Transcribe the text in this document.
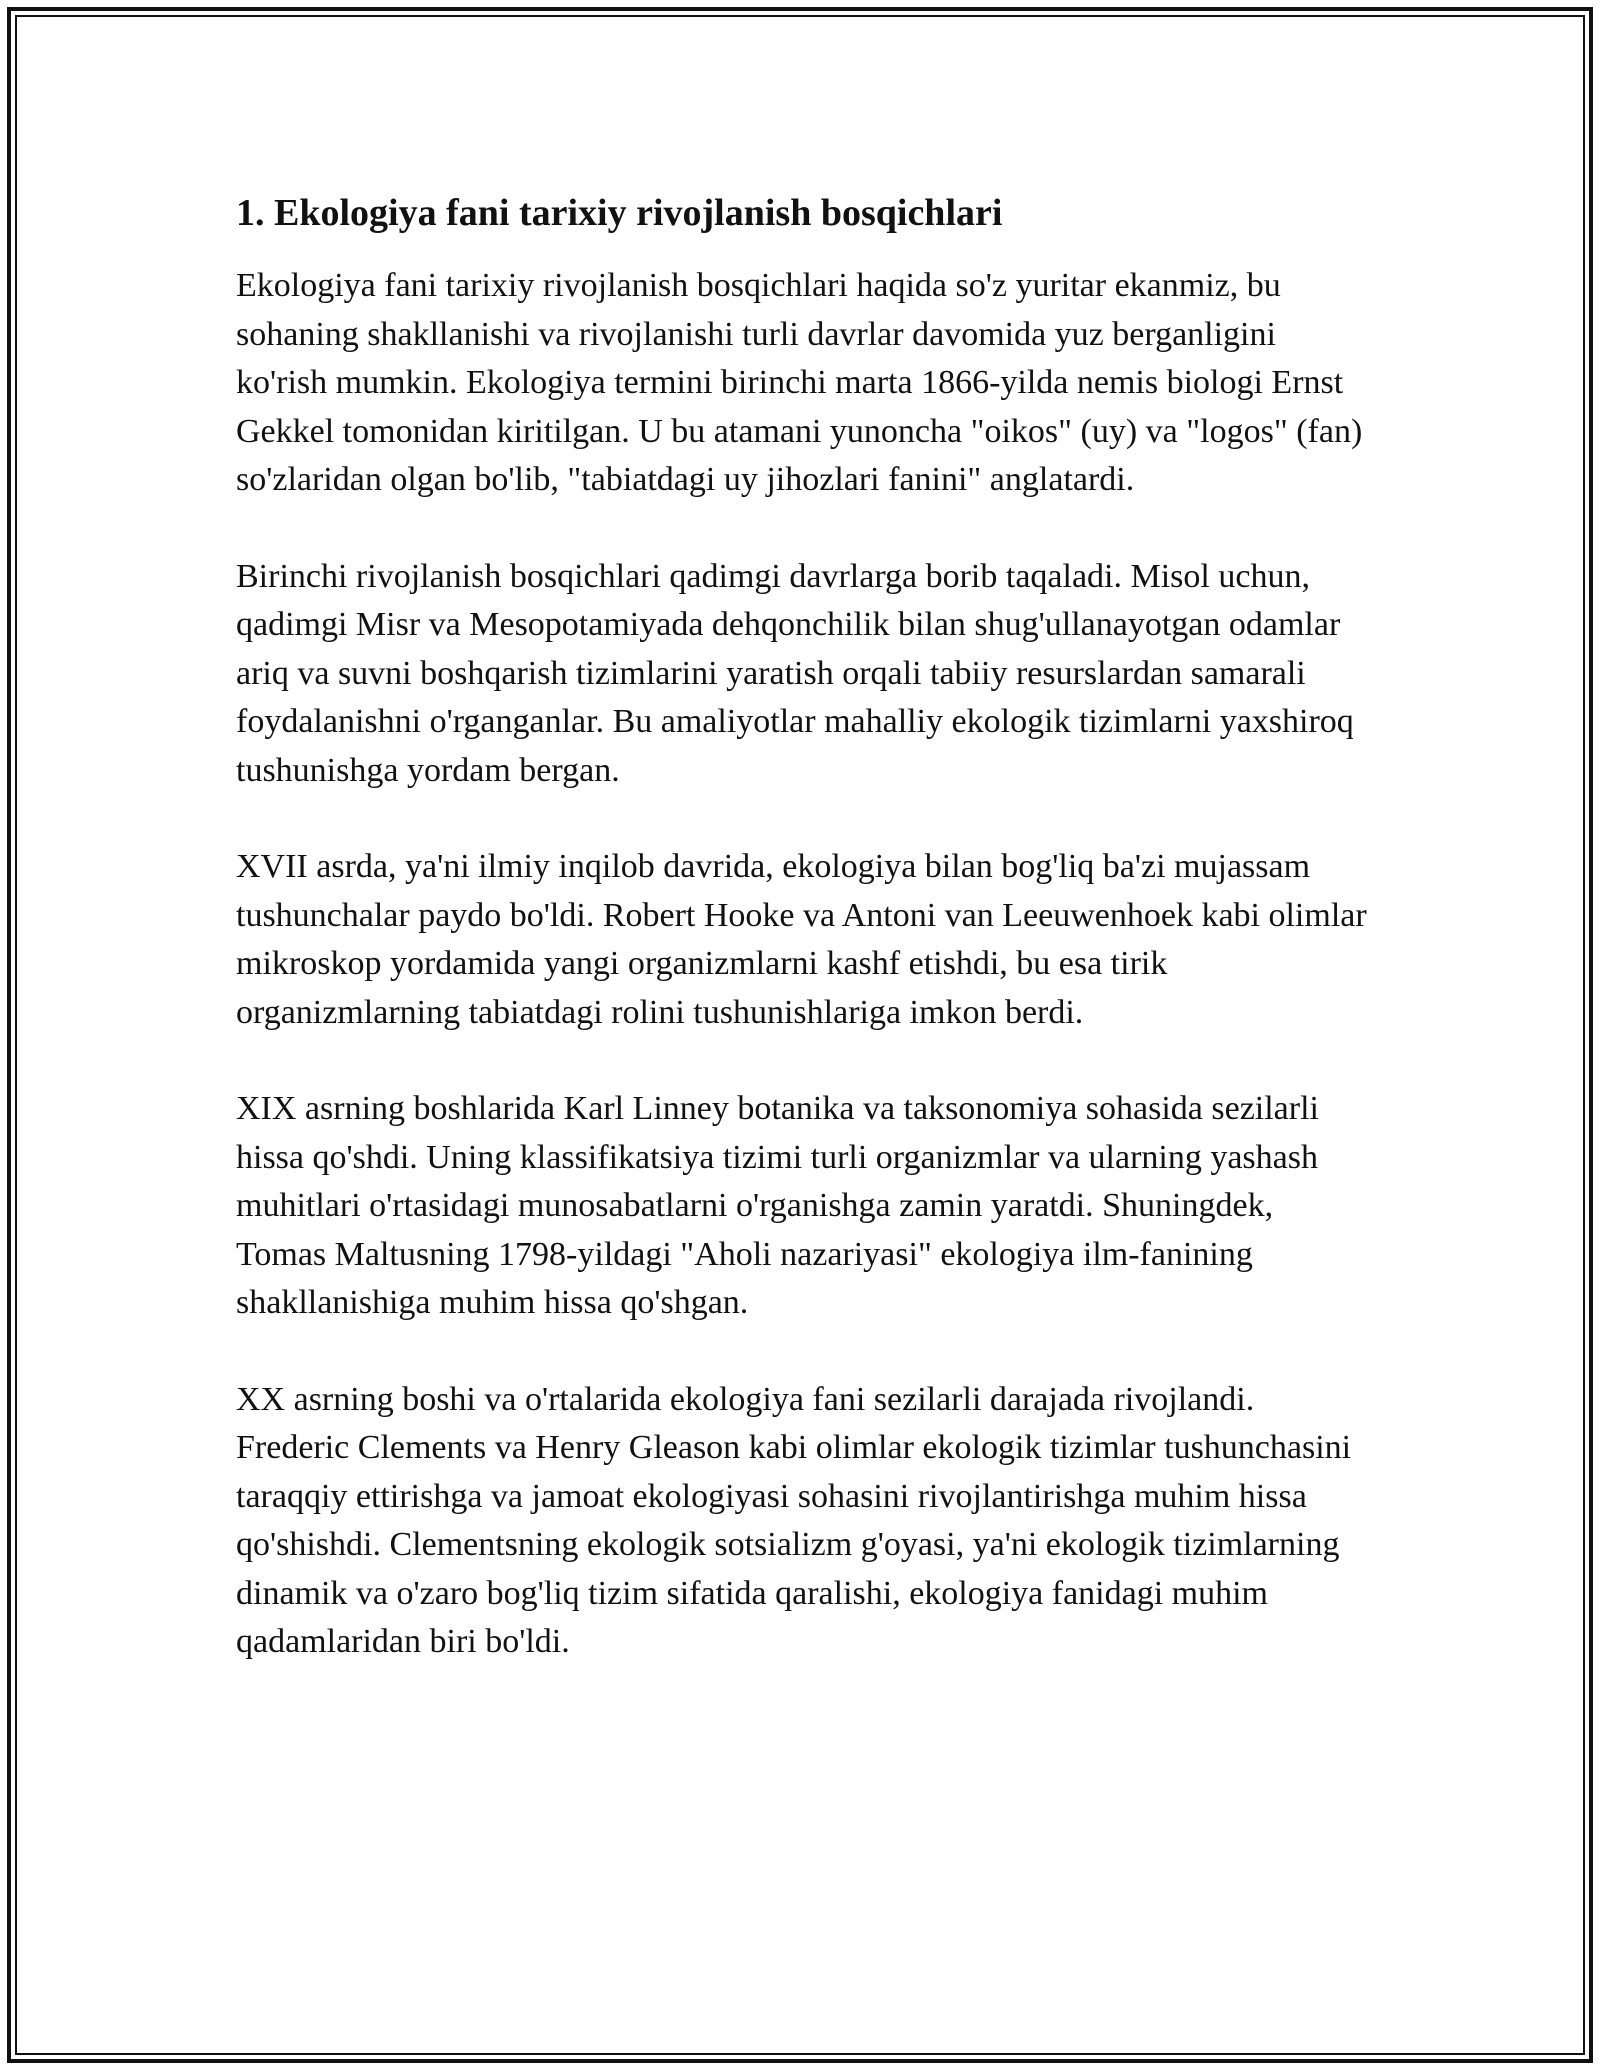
1. Ekologiya fani tarixiy rivojlanish bosqichlari

Ekologiya fani tarixiy rivojlanish bosqichlari haqida so'z yuritar ekanmiz, bu sohaning shakllanishi va rivojlanishi turli davrlar davomida yuz berganligini ko'rish mumkin. Ekologiya termini birinchi marta 1866-yilda nemis biologi Ernst Gekkel tomonidan kiritilgan. U bu atamani yunoncha "oikos" (uy) va "logos" (fan) so'zlaridan olgan bo'lib, "tabiatdagi uy jihozlari fanini" anglatardi.

Birinchi rivojlanish bosqichlari qadimgi davrlarga borib taqaladi. Misol uchun, qadimgi Misr va Mesopotamiyada dehqonchilik bilan shug'ullanayotgan odamlar ariq va suvni boshqarish tizimlarini yaratish orqali tabiiy resurslardan samarali foydalanishni o'rganganlar. Bu amaliyotlar mahalliy ekologik tizimlarni yaxshiroq tushunishga yordam bergan.

XVII asrda, ya'ni ilmiy inqilob davrida, ekologiya bilan bog'liq ba'zi mujassam tushunchalar paydo bo'ldi. Robert Hooke va Antoni van Leeuwenhoek kabi olimlar mikroskop yordamida yangi organizmlarni kashf etishdi, bu esa tirik organizmlarning tabiatdagi rolini tushunishlariga imkon berdi.

XIX asrning boshlarida Karl Linney botanika va taksonomiya sohasida sezilarli hissa qo'shdi. Uning klassifikatsiya tizimi turli organizmlar va ularning yashash muhitlari o'rtasidagi munosabatlarni o'rganishga zamin yaratdi. Shuningdek, Tomas Maltusning 1798-yildagi "Aholi nazariyasi" ekologiya ilm-fanining shakllanishiga muhim hissa qo'shgan.

XX asrning boshi va o'rtalarida ekologiya fani sezilarli darajada rivojlandi. Frederic Clements va Henry Gleason kabi olimlar ekologik tizimlar tushunchasini taraqqiy ettirishga va jamoat ekologiyasi sohasini rivojlantirishga muhim hissa qo'shishdi. Clementsning ekologik sotsializm g'oyasi, ya'ni ekologik tizimlarning dinamik va o'zaro bog'liq tizim sifatida qaralishi, ekologiya fanidagi muhim qadamlaridan biri bo'ldi.
